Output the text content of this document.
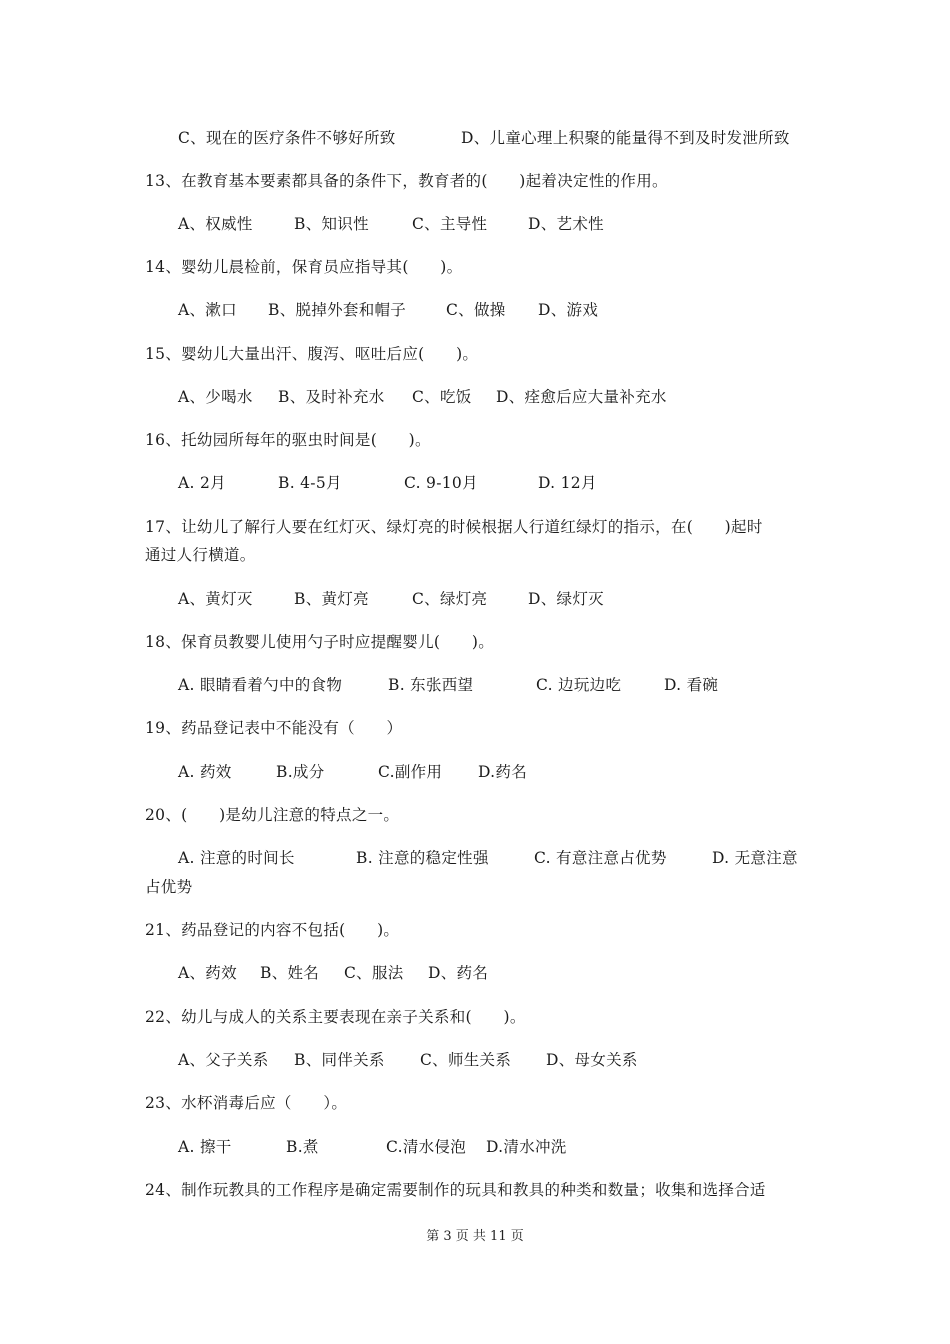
C、现在的医疗条件不够好所致	D、儿童心理上积聚的能量得不到及时发泄所致
13、在教育基本要素都具备的条件下，教育者的(　　)起着决定性的作用。
A、权威性	B、知识性	C、主导性	D、艺术性
14、婴幼儿晨检前，保育员应指导其(　　)。
A、漱口 B、脱掉外套和帽子	C、做操 D、游戏
15、婴幼儿大量出汗、腹泻、呕吐后应(　　)。
A、少喝水 B、及时补充水 C、吃饭 D、痊愈后应大量补充水
16、托幼园所每年的驱虫时间是(　　)。
A. 2月	B. 4-5月	C. 9-10月	D. 12月
17、让幼儿了解行人要在红灯灭、绿灯亮的时候根据人行道红绿灯的指示，在(　　)起时
通过人行横道。
A、黄灯灭	B、黄灯亮	C、绿灯亮	D、绿灯灭
18、保育员教婴儿使用勺子时应提醒婴儿(　　)。
A. 眼睛看着勺中的食物	B. 东张西望	C. 边玩边吃	D. 看碗
19、药品登记表中不能没有（　　）
A. 药效	B.成分	C.副作用 D.药名
20、(　　)是幼儿注意的特点之一。
A. 注意的时间长	B. 注意的稳定性强	C. 有意注意占优势	D. 无意注意
占优势
21、药品登记的内容不包括(　　)。
A、药效 B、姓名 C、服法 D、药名
22、幼儿与成人的关系主要表现在亲子关系和(　　)。
A、父子关系 B、同伴关系 C、师生关系 D、母女关系
23、水杯消毒后应（　　）。
A. 擦干	B.煮	C.清水侵泡 D.清水冲洗
24、制作玩教具的工作程序是确定需要制作的玩具和教具的种类和数量；收集和选择合适
第 3 页 共 11 页
